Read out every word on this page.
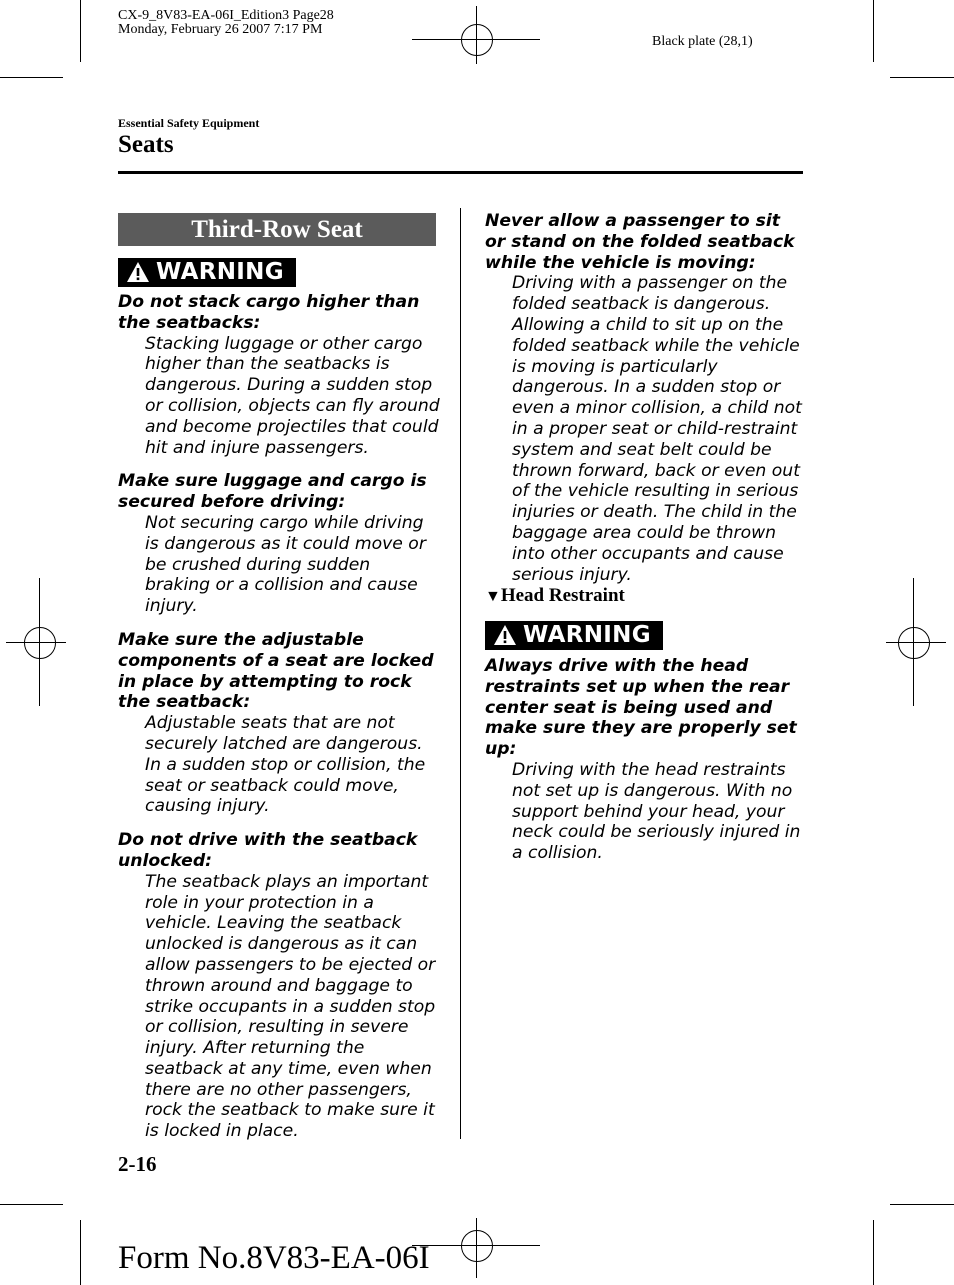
CX-9_8V83-EA-06I_Edition3 Page28
Monday, February 26 2007 7:17 PM
Black plate (28,1)
Essential Safety Equipment
Seats
Third-Row Seat
WARNING
Do not stack cargo higher than the seatbacks:
Stacking luggage or other cargo higher than the seatbacks is dangerous. During a sudden stop or collision, objects can fly around and become projectiles that could hit and injure passengers.
Make sure luggage and cargo is secured before driving:
Not securing cargo while driving is dangerous as it could move or be crushed during sudden braking or a collision and cause injury.
Make sure the adjustable components of a seat are locked in place by attempting to rock the seatback:
Adjustable seats that are not securely latched are dangerous. In a sudden stop or collision, the seat or seatback could move, causing injury.
Do not drive with the seatback unlocked:
The seatback plays an important role in your protection in a vehicle. Leaving the seatback unlocked is dangerous as it can allow passengers to be ejected or thrown around and baggage to strike occupants in a sudden stop or collision, resulting in severe injury. After returning the seatback at any time, even when there are no other passengers, rock the seatback to make sure it is locked in place.
Never allow a passenger to sit or stand on the folded seatback while the vehicle is moving:
Driving with a passenger on the folded seatback is dangerous. Allowing a child to sit up on the folded seatback while the vehicle is moving is particularly dangerous. In a sudden stop or even a minor collision, a child not in a proper seat or child-restraint system and seat belt could be thrown forward, back or even out of the vehicle resulting in serious injuries or death. The child in the baggage area could be thrown into other occupants and cause serious injury.
▼Head Restraint
WARNING
Always drive with the head restraints set up when the rear center seat is being used and make sure they are properly set up:
Driving with the head restraints not set up is dangerous. With no support behind your head, your neck could be seriously injured in a collision.
2-16
Form No.8V83-EA-06I
